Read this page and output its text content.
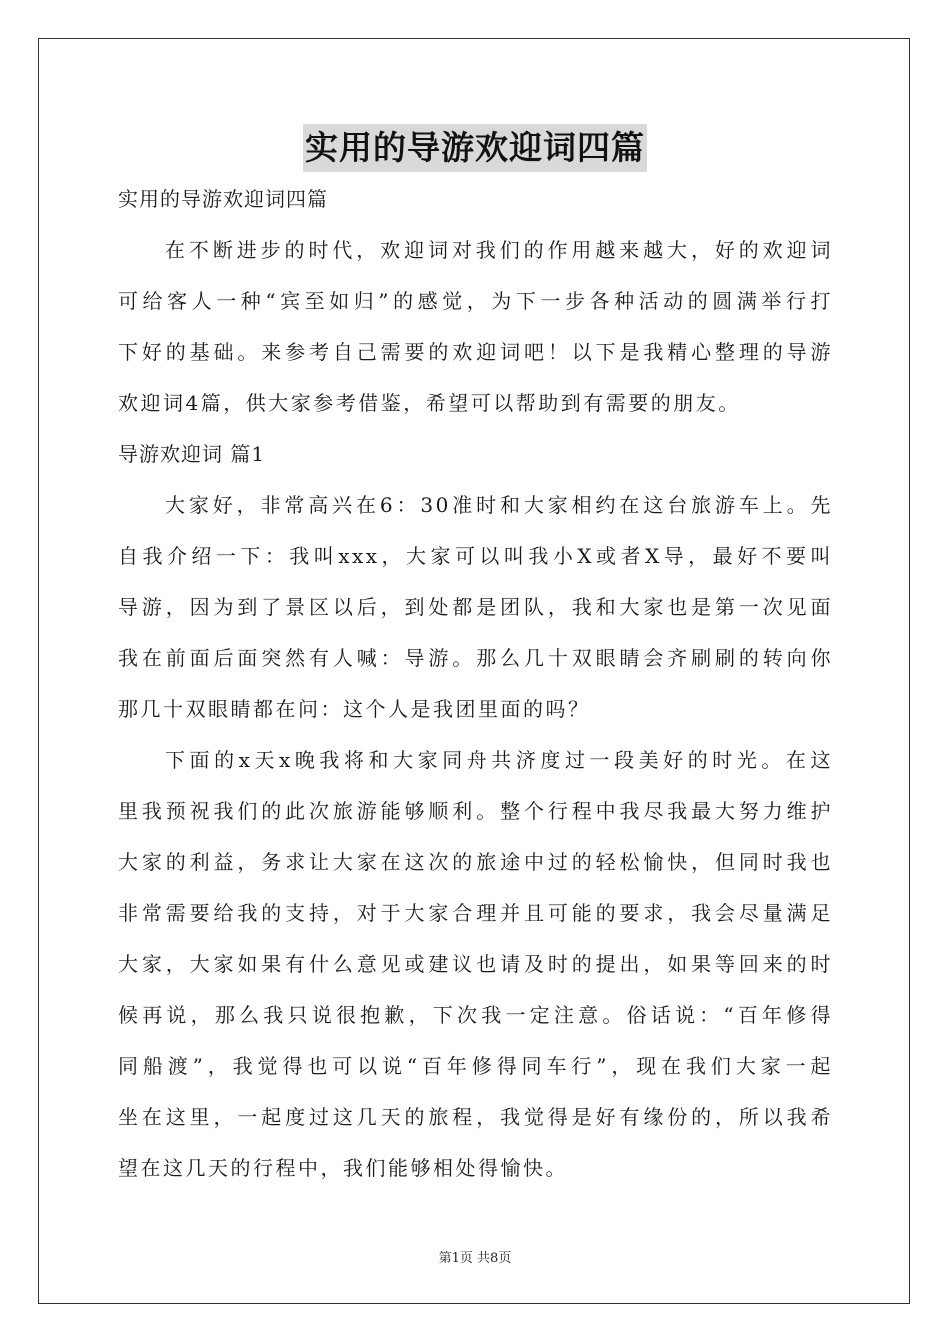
实用的导游欢迎词四篇
实用的导游欢迎词四篇
在不断进步的时代，欢迎词对我们的作用越来越大，好的欢迎词
可给客人一种“宾至如归”的感觉，为下一步各种活动的圆满举行打
下好的基础。来参考自己需要的欢迎词吧！以下是我精心整理的导游
欢迎词4篇，供大家参考借鉴，希望可以帮助到有需要的朋友。
导游欢迎词 篇1
大家好，非常高兴在6：30准时和大家相约在这台旅游车上。先
自我介绍一下：我叫xxx，大家可以叫我小X或者X导，最好不要叫
导游，因为到了景区以后，到处都是团队，我和大家也是第一次见面
我在前面后面突然有人喊：导游。那么几十双眼睛会齐刷刷的转向你
那几十双眼睛都在问：这个人是我团里面的吗？
下面的x天x晚我将和大家同舟共济度过一段美好的时光。在这
里我预祝我们的此次旅游能够顺利。整个行程中我尽我最大努力维护
大家的利益，务求让大家在这次的旅途中过的轻松愉快，但同时我也
非常需要给我的支持，对于大家合理并且可能的要求，我会尽量满足
大家，大家如果有什么意见或建议也请及时的提出，如果等回来的时
候再说，那么我只说很抱歉，下次我一定注意。俗话说：“百年修得
同船渡”，我觉得也可以说“百年修得同车行”，现在我们大家一起
坐在这里，一起度过这几天的旅程，我觉得是好有缘份的，所以我希
望在这几天的行程中，我们能够相处得愉快。
第1页 共8页
